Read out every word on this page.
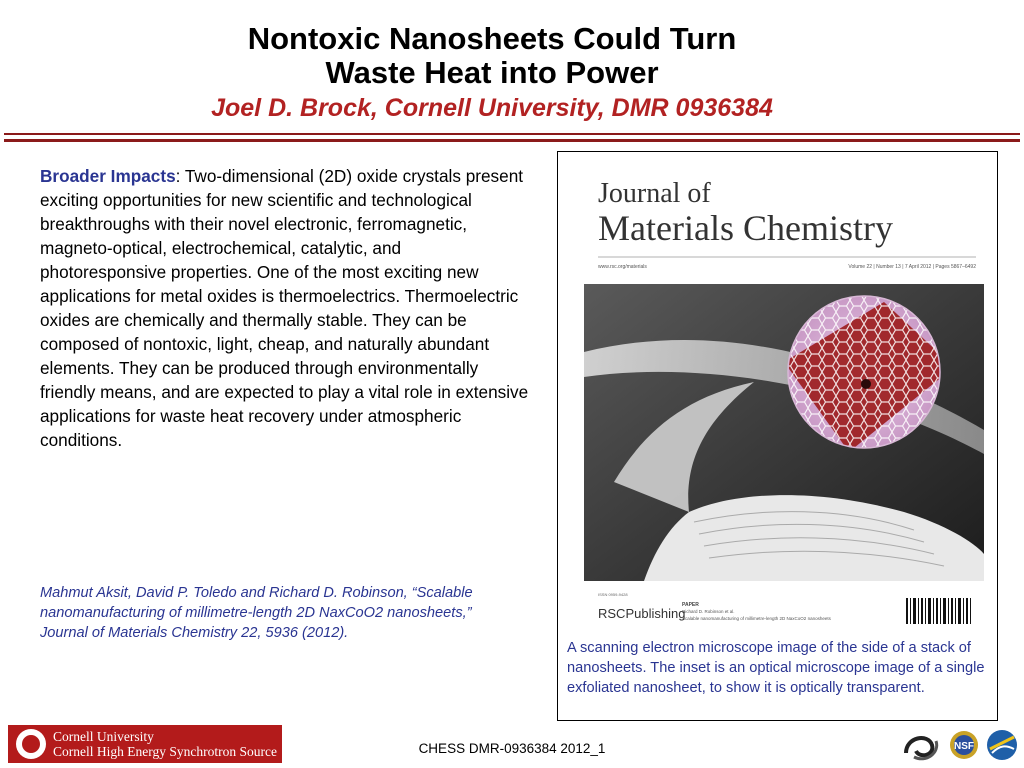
Nontoxic Nanosheets Could Turn
Waste Heat into Power
Joel D. Brock, Cornell University, DMR 0936384
Broader Impacts: Two-dimensional (2D) oxide crystals present exciting opportunities for new scientific and technological breakthroughs with their novel electronic, ferromagnetic, magneto-optical, electrochemical, catalytic, and photoresponsive properties. One of the most exciting new applications for metal oxides is thermoelectrics. Thermoelectric oxides are chemically and thermally stable. They can be composed of nontoxic, light, cheap, and naturally abundant elements. They can be produced through environmentally friendly means, and are expected to play a vital role in extensive applications for waste heat recovery under atmospheric conditions.
Mahmut Aksit, David P. Toledo and Richard D. Robinson, “Scalable nanomanufacturing of millimetre-length 2D NaxCoO2 nanosheets,” Journal of Materials Chemistry 22, 5936 (2012).
Journal of
Materials Chemistry
www.rsc.org/materials	Volume 22 | Number 13 | 7 April 2012 | Pages 5867–6492
ISSN 0959-9428
RSCPublishing
PAPER
Richard D. Robinson et al.
Scalable nanomanufacturing of millimetre-length 2D NaxCoO2 nanosheets
A scanning electron microscope image of the side of a stack of nanosheets. The inset is an optical microscope image of a single exfoliated nanosheet, to show it is optically transparent.
Cornell University
Cornell High Energy Synchrotron Source	CHESS DMR-0936384 2012_1	NSF
